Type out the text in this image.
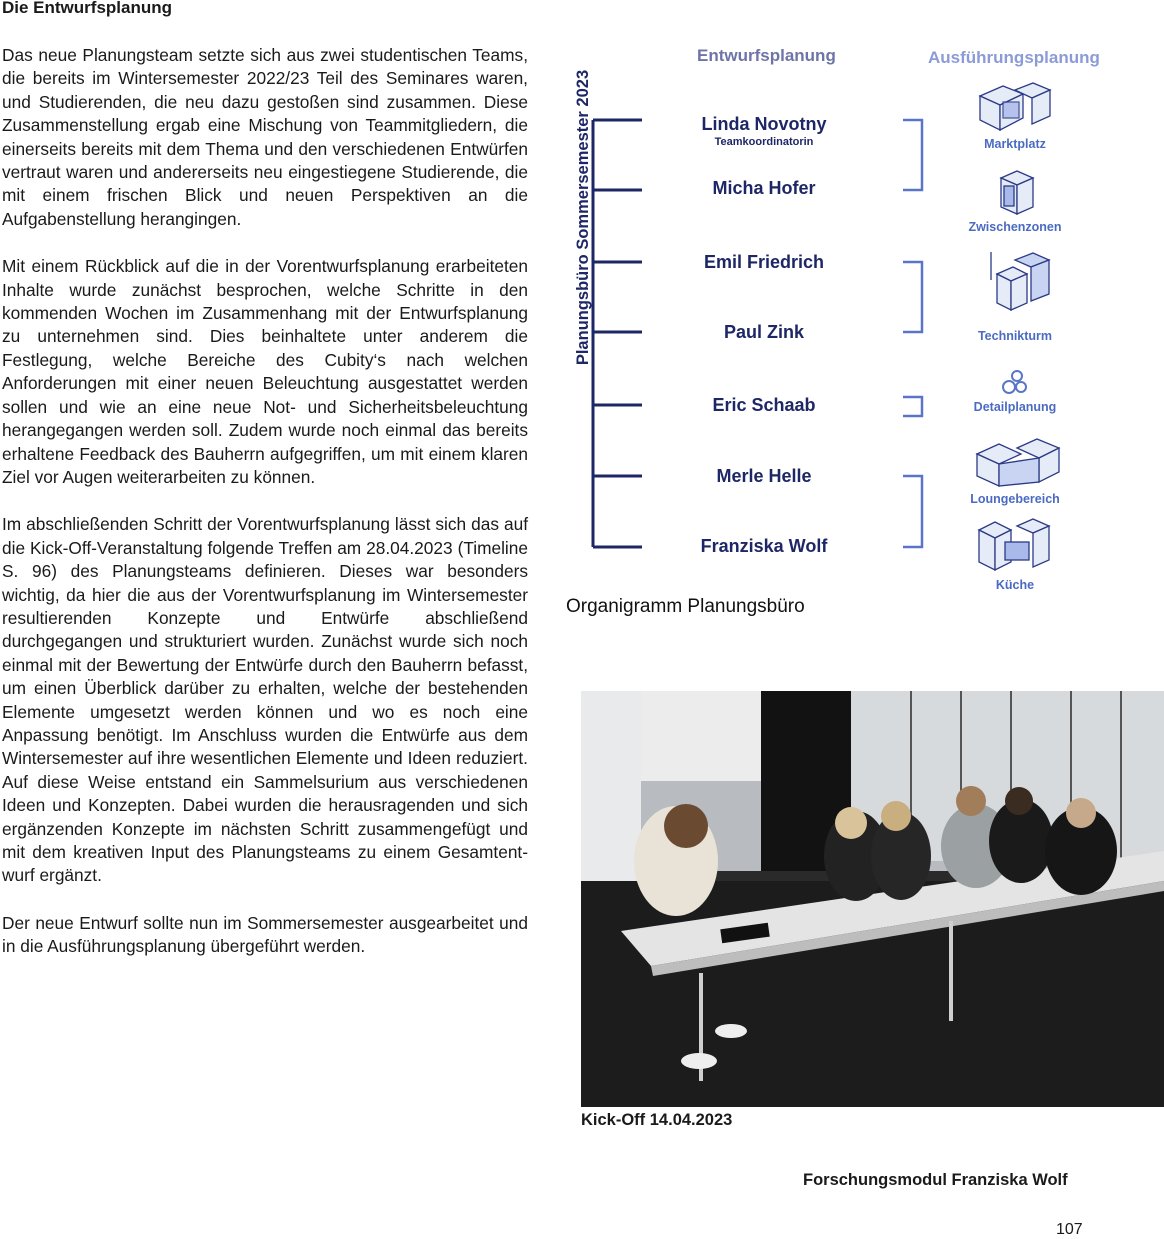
Die Entwurfsplanung

Das neue Planungsteam setzte sich aus zwei studentischen Teams, die bereits im Wintersemester 2022/23 Teil des Seminares waren, und Studierenden, die neu dazu gestoßen sind zusammen. Diese Zusammenstellung ergab eine Mischung von Teammitgliedern, die einerseits bereits mit dem Thema und den verschiedenen Entwürfen vertraut waren und andererseits neu eingestiegene Studierende, die mit einem frischen Blick und neuen Perspektiven an die Aufgabenstellung herangingen.

Mit einem Rückblick auf die in der Vorentwurfsplanung erarbeiteten Inhalte wurde zunächst besprochen, welche Schritte in den kommenden Wochen im Zusammenhang mit der Entwurfsplanung zu unternehmen sind. Dies beinhaltete unter anderem die Festlegung, welche Bereiche des Cubity‘s nach welchen Anforderungen mit einer neuen Beleuchtung ausgestattet werden sollen und wie an eine neue Not- und Sicherheitsbeleuchtung herangegangen werden soll. Zudem wurde noch einmal das bereits erhaltene Feedback des Bauherrn aufgegriffen, um mit einem klaren Ziel vor Augen weiterarbeiten zu können.

Im abschließenden Schritt der Vorentwurfsplanung lässt sich das auf die Kick-Off-Veranstaltung folgende Treffen am 28.04.2023 (Timeline S. 96) des Planungsteams definieren. Dieses war besonders wichtig, da hier die aus der Vorentwurfsplanung im Wintersemester resultierenden Konzepte und Entwürfe abschließend durchgegangen und strukturiert wurden. Zunächst wurde sich noch einmal mit der Bewertung der Entwürfe durch den Bauherrn befasst, um einen Überblick darüber zu erhalten, welche der bestehenden Elemente umgesetzt werden können und wo es noch eine Anpassung benötigt. Im Anschluss wurden die Entwürfe aus dem Wintersemester auf ihre wesentlichen Elemente und Ideen reduziert. Auf diese Weise entstand ein Sammelsurium aus verschiedenen Ideen und Konzepten. Dabei wurden die herausragenden und sich ergänzenden Konzepte im nächsten Schritt zusammengefügt und mit dem kreativen Input des Planungsteams zu einem Gesamtentwurf ergänzt.

Der neue Entwurf sollte nun im Sommersemester ausgearbeitet und in die Ausführungsplanung übergeführt werden.

Entwurfsplanung	Ausführungsplanung
Planungsbüro Sommersemester 2023	Linda Novotny
Teamkoordinatorin
Micha Hofer
Emil Friedrich
Paul Zink
Eric Schaab
Merle Helle
Franziska Wolf
Marktplatz
Zwischenzonen
Technikturm
Detailplanung
Loungebereich
Küche

Organigramm Planungsbüro

Kick-Off 14.04.2023

Forschungsmodul Franziska Wolf

107
